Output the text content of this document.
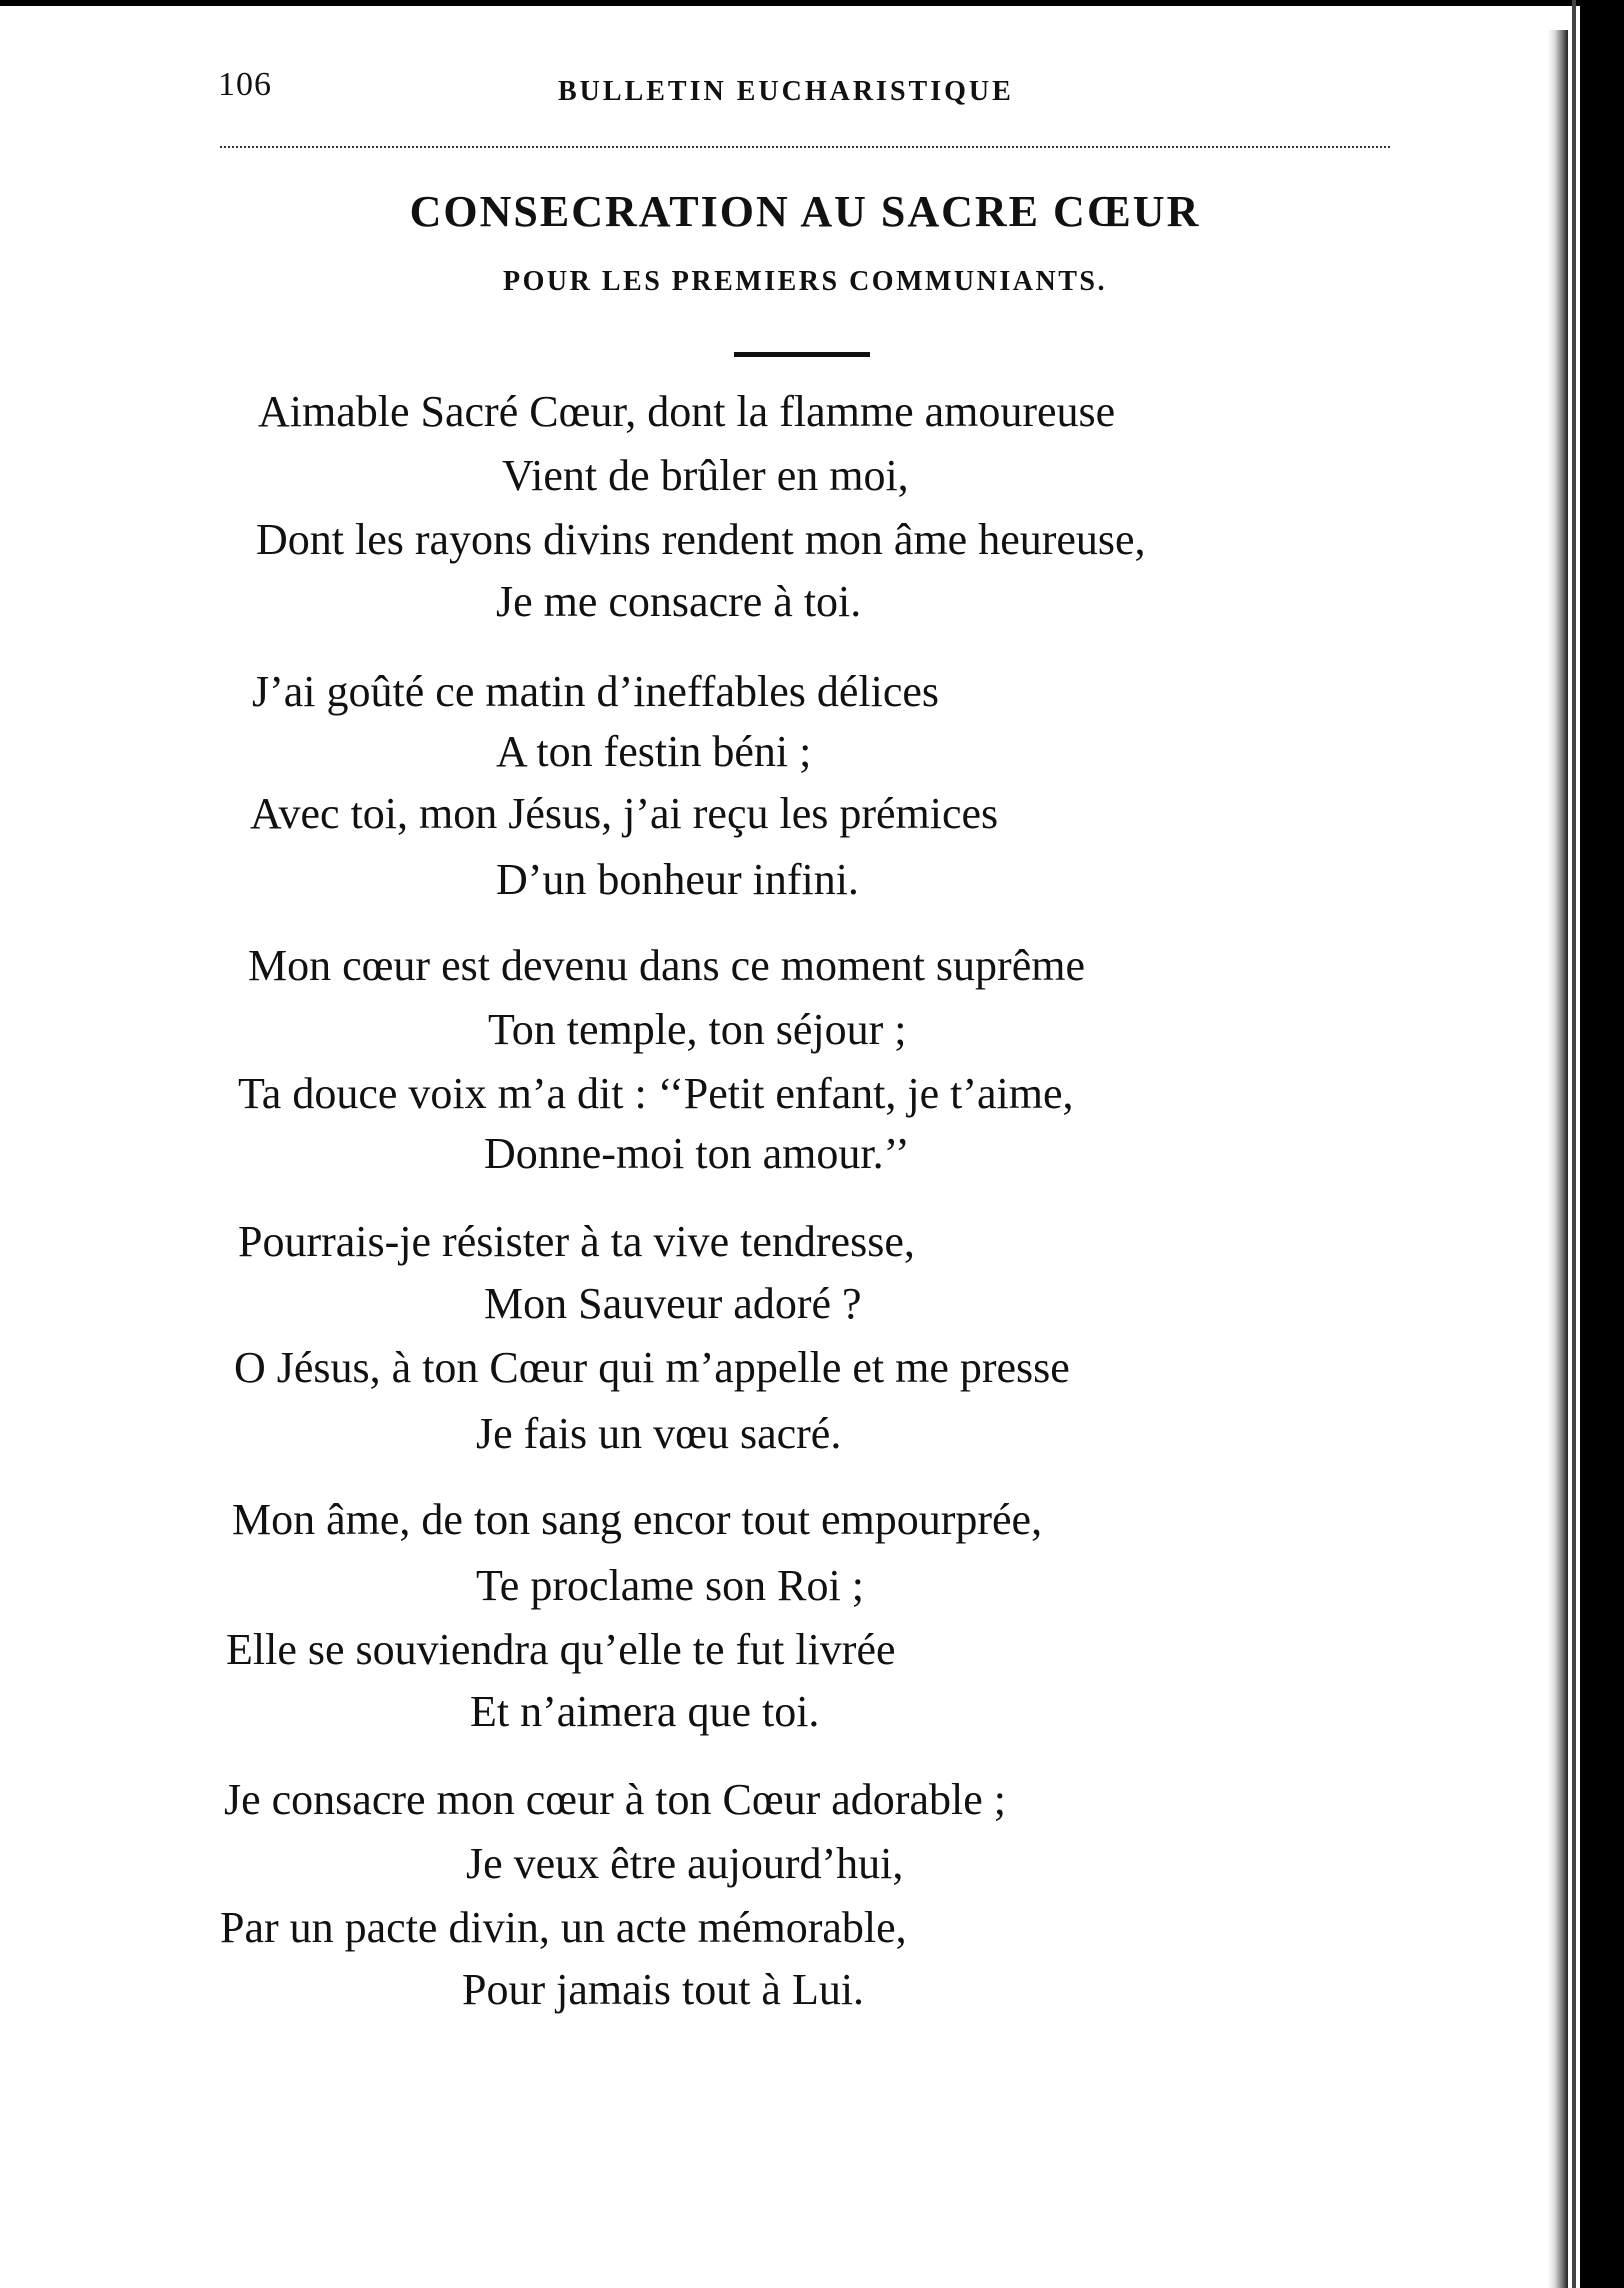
106	BULLETIN EUCHARISTIQUE
CONSECRATION AU SACRE CŒUR
POUR LES PREMIERS COMMUNIANTS.
Aimable Sacré Cœur, dont la flamme amoureuse
Vient de brûler en moi,
Dont les rayons divins rendent mon âme heureuse,
Je me consacre à toi.
J’ai goûté ce matin d’ineffables délices
A ton festin béni ;
Avec toi, mon Jésus, j’ai reçu les prémices
D’un bonheur infini.
Mon cœur est devenu dans ce moment suprême
Ton temple, ton séjour ;
Ta douce voix m’a dit : ‘‘Petit enfant, je t’aime,
Donne-moi ton amour.’’
Pourrais-je résister à ta vive tendresse,
Mon Sauveur adoré ?
O Jésus, à ton Cœur qui m’appelle et me presse
Je fais un vœu sacré.
Mon âme, de ton sang encor tout empourprée,
Te proclame son Roi ;
Elle se souviendra qu’elle te fut livrée
Et n’aimera que toi.
Je consacre mon cœur à ton Cœur adorable ;
Je veux être aujourd’hui,
Par un pacte divin, un acte mémorable,
Pour jamais tout à Lui.
